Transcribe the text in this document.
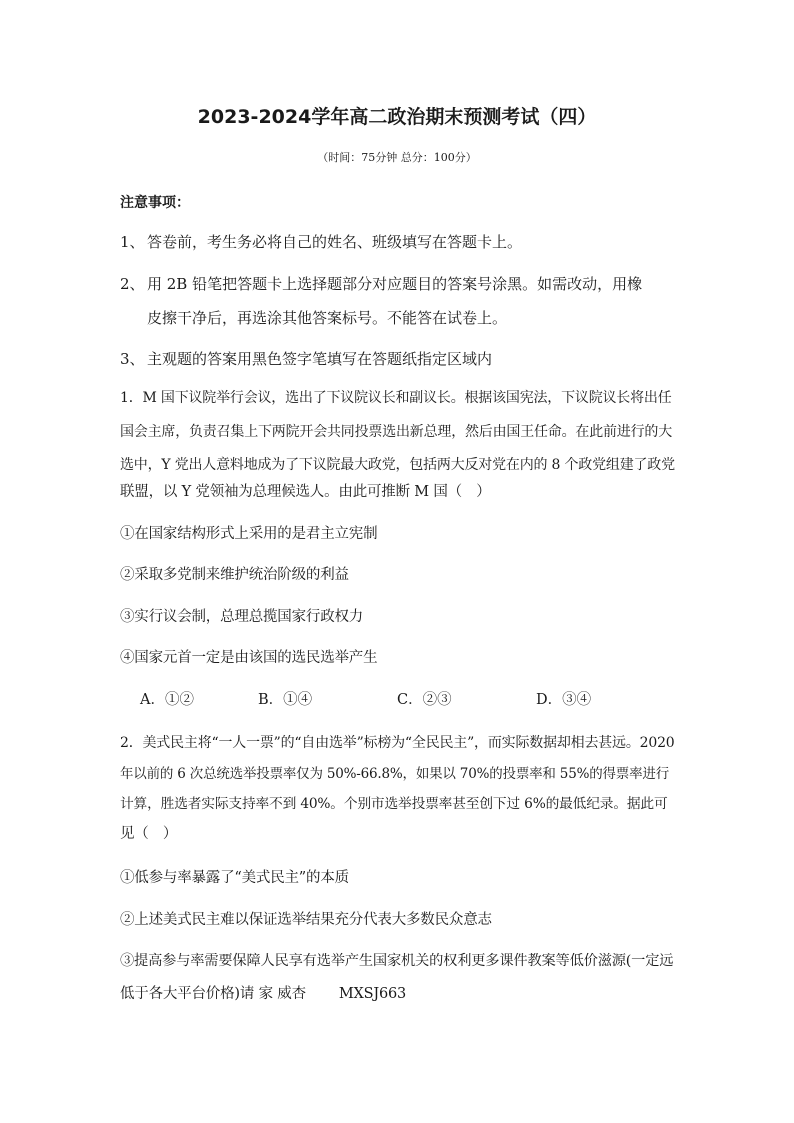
2023-2024学年高二政治期末预测考试（四）
（时间：75分钟 总分：100分）
注意事项：
1、 答卷前，考生务必将自己的姓名、班级填写在答题卡上。
2、 用 2B 铅笔把答题卡上选择题部分对应题目的答案号涂黑。如需改动，用橡
皮擦干净后，再选涂其他答案标号。不能答在试卷上。
3、 主观题的答案用黑色签字笔填写在答题纸指定区域内
1．M 国下议院举行会议，选出了下议院议长和副议长。根据该国宪法，下议院议长将出任
国会主席，负责召集上下两院开会共同投票选出新总理，然后由国王任命。在此前进行的大
选中，Y 党出人意料地成为了下议院最大政党，包括两大反对党在内的 8 个政党组建了政党
联盟，以 Y 党领袖为总理候选人。由此可推断 M 国（　）
①在国家结构形式上采用的是君主立宪制
②采取多党制来维护统治阶级的利益
③实行议会制，总理总揽国家行政权力
④国家元首一定是由该国的选民选举产生
A．①②	B．①④	C．②③	D．③④
2．美式民主将“一人一票”的“自由选举”标榜为“全民民主”，而实际数据却相去甚远。2020
年以前的 6 次总统选举投票率仅为 50%-66.8%，如果以 70%的投票率和 55%的得票率进行
计算，胜选者实际支持率不到 40%。个别市选举投票率甚至创下过 6%的最低纪录。据此可
见（　）
①低参与率暴露了“美式民主”的本质
②上述美式民主难以保证选举结果充分代表大多数民众意志
③提高参与率需要保障人民享有选举产生国家机关的权利更多课件教案等低价滋源(一定远
低于各大平台价格)请 家 威杏　　 MXSJ663
